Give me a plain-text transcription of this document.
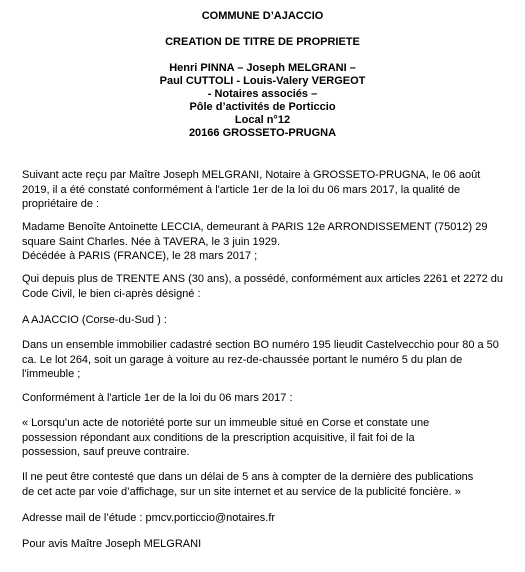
COMMUNE D’AJACCIO
CREATION DE TITRE DE PROPRIETE
Henri PINNA – Joseph MELGRANI –
Paul CUTTOLI - Louis-Valery VERGEOT
- Notaires associés –
Pôle d’activités de Porticcio
Local n°12
20166 GROSSETO-PRUGNA
Suivant acte reçu par Maître Joseph MELGRANI, Notaire à GROSSETO-PRUGNA, le 06 août
2019, il a été constaté conformément à l'article 1er de la loi du 06 mars 2017, la qualité de
propriétaire de :
Madame Benoîte Antoinette LECCIA, demeurant à PARIS 12e ARRONDISSEMENT (75012) 29
square Saint Charles. Née à TAVERA, le 3 juin 1929.
Décédée à PARIS (FRANCE), le 28 mars 2017 ;
Qui depuis plus de TRENTE ANS (30 ans), a possédé, conformément aux articles 2261 et 2272 du
Code Civil, le bien ci-après désigné :
A AJACCIO (Corse-du-Sud ) :
Dans un ensemble immobilier cadastré section BO numéro 195 lieudit Castelvecchio pour 80 a 50
ca. Le lot 264, soit un garage à voiture au rez-de-chaussée portant le numéro 5 du plan de
l'immeuble ;
Conformément à l'article 1er de la loi du 06 mars 2017 :
« Lorsqu’un acte de notoriété porte sur un immeuble situé en Corse et constate une
possession répondant aux conditions de la prescription acquisitive, il fait foi de la
possession, sauf preuve contraire.
Il ne peut être contesté que dans un délai de 5 ans à compter de la dernière des publications
de cet acte par voie d’affichage, sur un site internet et au service de la publicité foncière. »
Adresse mail de l’étude : pmcv.porticcio@notaires.fr
Pour avis Maître Joseph MELGRANI
